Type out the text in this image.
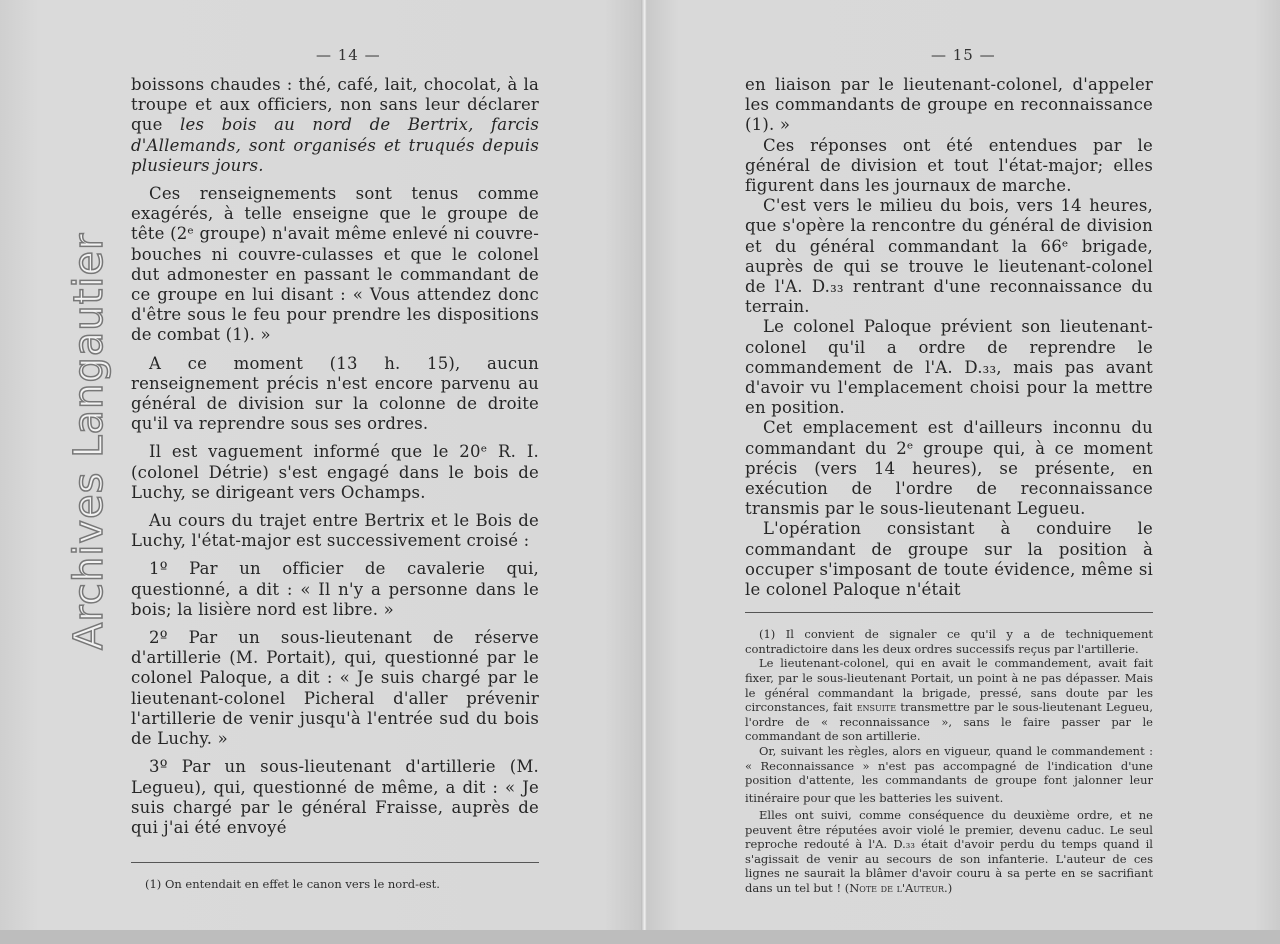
— 14 —

boissons chaudes : thé, café, lait, chocolat, à la troupe et aux officiers, non sans leur déclarer que les bois au nord de Bertrix, farcis d'Allemands, sont organisés et truqués depuis plusieurs jours.

Ces renseignements sont tenus comme exagérés, à telle enseigne que le groupe de tête (2ᵉ groupe) n'avait même enlevé ni couvre-bouches ni couvre-culasses et que le colonel dut admonester en passant le commandant de ce groupe en lui disant : « Vous attendez donc d'être sous le feu pour prendre les dispositions de combat (1). »

A ce moment (13 h. 15), aucun renseignement précis n'est encore parvenu au général de division sur la colonne de droite qu'il va reprendre sous ses ordres.

Il est vaguement informé que le 20ᵉ R. I. (colonel Détrie) s'est engagé dans le bois de Luchy, se dirigeant vers Ochamps.

Au cours du trajet entre Bertrix et le Bois de Luchy, l'état-major est successivement croisé :

1º Par un officier de cavalerie qui, questionné, a dit : « Il n'y a personne dans le bois; la lisière nord est libre. »

2º Par un sous-lieutenant de réserve d'artillerie (M. Portait), qui, questionné par le colonel Paloque, a dit : « Je suis chargé par le lieutenant-colonel Picheral d'aller prévenir l'artillerie de venir jusqu'à l'entrée sud du bois de Luchy. »

3º Par un sous-lieutenant d'artillerie (M. Legueu), qui, questionné de même, a dit : « Je suis chargé par le général Fraisse, auprès de qui j'ai été envoyé

(1) On entendait en effet le canon vers le nord-est.

— 15 —

en liaison par le lieutenant-colonel, d'appeler les commandants de groupe en reconnaissance (1). »

Ces réponses ont été entendues par le général de division et tout l'état-major; elles figurent dans les journaux de marche.

C'est vers le milieu du bois, vers 14 heures, que s'opère la rencontre du général de division et du général commandant la 66ᵉ brigade, auprès de qui se trouve le lieutenant-colonel de l'A. D.₃₃ rentrant d'une reconnaissance du terrain.

Le colonel Paloque prévient son lieutenant-colonel qu'il a ordre de reprendre le commandement de l'A. D.₃₃, mais pas avant d'avoir vu l'emplacement choisi pour la mettre en position.

Cet emplacement est d'ailleurs inconnu du commandant du 2ᵉ groupe qui, à ce moment précis (vers 14 heures), se présente, en exécution de l'ordre de reconnaissance transmis par le sous-lieutenant Legueu.

L'opération consistant à conduire le commandant de groupe sur la position à occuper s'imposant de toute évidence, même si le colonel Paloque n'était

(1) Il convient de signaler ce qu'il y a de techniquement contradictoire dans les deux ordres successifs reçus par l'artillerie.

Le lieutenant-colonel, qui en avait le commandement, avait fait fixer, par le sous-lieutenant Portait, un point à ne pas dépasser. Mais le général commandant la brigade, pressé, sans doute par les circonstances, fait ensuite transmettre par le sous-lieutenant Legueu, l'ordre de « reconnaissance », sans le faire passer par le commandant de son artillerie.

Or, suivant les règles, alors en vigueur, quand le commandement : « Reconnaissance » n'est pas accompagné de l'indication d'une position d'attente, les commandants de groupe font jalonner leur itinéraire pour que les batteries les suivent.

Elles ont suivi, comme conséquence du deuxième ordre, et ne peuvent être réputées avoir violé le premier, devenu caduc. Le seul reproche redouté à l'A. D.₃₃ était d'avoir perdu du temps quand il s'agissait de venir au secours de son infanterie. L'auteur de ces lignes ne saurait la blâmer d'avoir couru à sa perte en se sacrifiant dans un tel but ! (Note de l'Auteur.)

Archives Langautier
